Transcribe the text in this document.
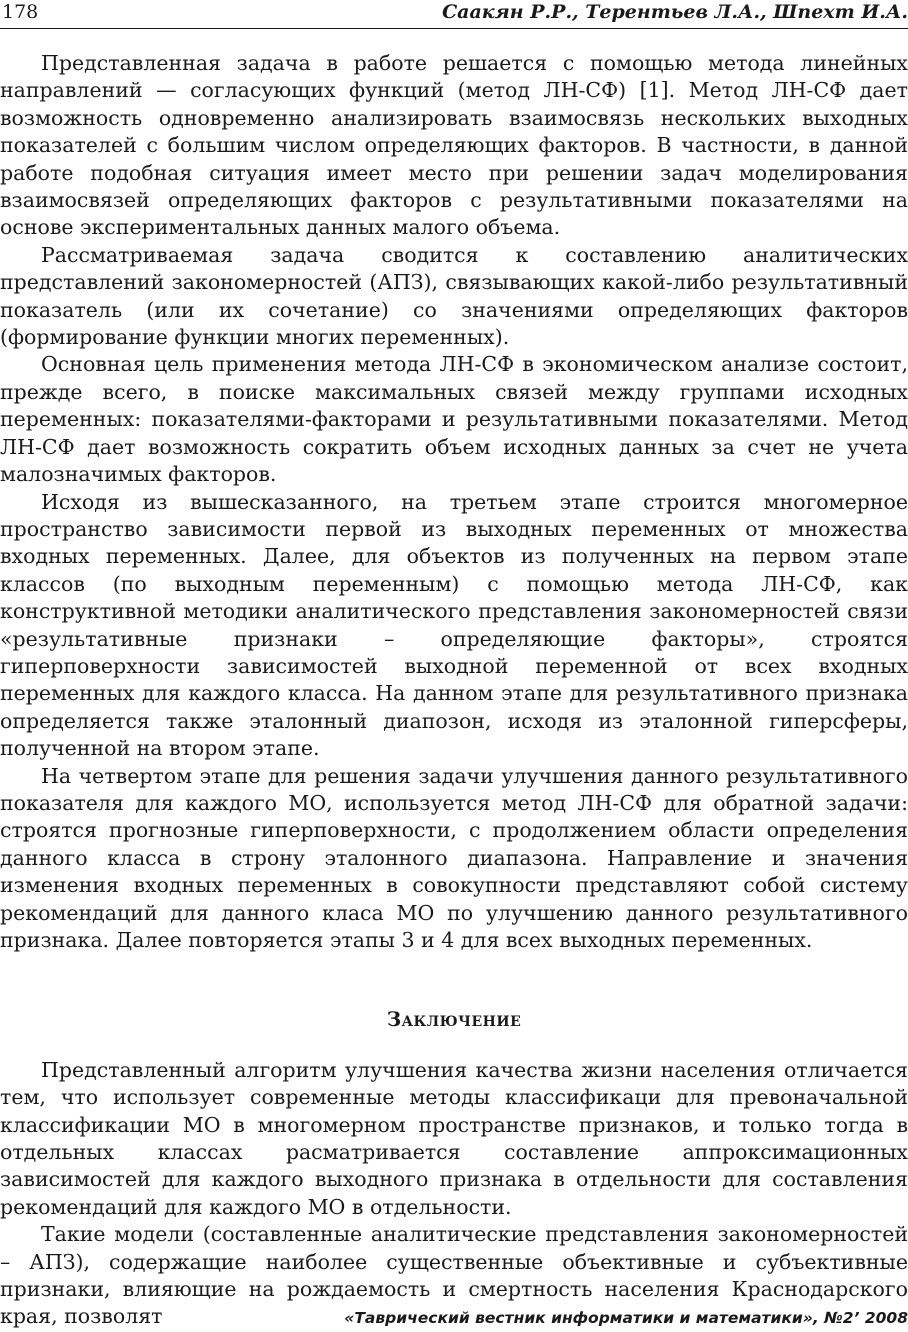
178	Саакян Р.Р., Терентьев Л.А., Шпехт И.А.

Представленная задача в работе решается с помощью метода линейных направлений — согласующих функций (метод ЛН-СФ) [1]. Метод ЛН-СФ дает возможность одновременно анализировать взаимосвязь нескольких выходных показателей с большим числом определяющих факторов. В частности, в данной работе подобная ситуация имеет место при решении задач моделирования взаимосвязей определяющих факторов с результативными показателями на основе экспериментальных данных малого объема.

Рассматриваемая задача сводится к составлению аналитических представлений закономерностей (АПЗ), связывающих какой-либо результативный показатель (или их сочетание) со значениями определяющих факторов (формирование функции многих переменных).

Основная цель применения метода ЛН-СФ в экономическом анализе состоит, прежде всего, в поиске максимальных связей между группами исходных переменных: показателями-факторами и результативными показателями. Метод ЛН-СФ дает возможность сократить объем исходных данных за счет не учета малозначимых факторов.

Исходя из вышесказанного, на третьем этапе строится многомерное пространство зависимости первой из выходных переменных от множества входных переменных. Далее, для объектов из полученных на первом этапе классов (по выходным переменным) с помощью метода ЛН-СФ, как конструктивной методики аналитического представления закономерностей связи «результативные признаки – определяющие факторы», строятся гиперповерхности зависимостей выходной переменной от всех входных переменных для каждого класса. На данном этапе для результативного признака определяется также эталонный диапозон, исходя из эталонной гиперсферы, полученной на втором этапе.

На четвертом этапе для решения задачи улучшения данного результативного показателя для каждого МО, используется метод ЛН-СФ для обратной задачи: строятся прогнозные гиперповерхности, с продолжением области определения данного класса в строну эталонного диапазона. Направление и значения изменения входных переменных в совокупности представляют собой систему рекомендаций для данного класа МО по улучшению данного результативного признака. Далее повторяется этапы 3 и 4 для всех выходных переменных.

Заключение

Представленный алгоритм улучшения качества жизни населения отличается тем, что использует современные методы классификаци для превоначальной классификации МО в многомерном пространстве признаков, и только тогда в отдельных классах расматривается составление аппроксимационных зависимостей для каждого выходного признака в отдельности для составления рекомендаций для каждого МО в отдельности.

Такие модели (составленные аналитические представления закономерностей – АПЗ), содержащие наиболее существенные объективные и субъективные признаки, влияющие на рождаемость и смертность населения Краснодарского края, позволят	«Таврический вестник информатики и математики», №2’ 2008
